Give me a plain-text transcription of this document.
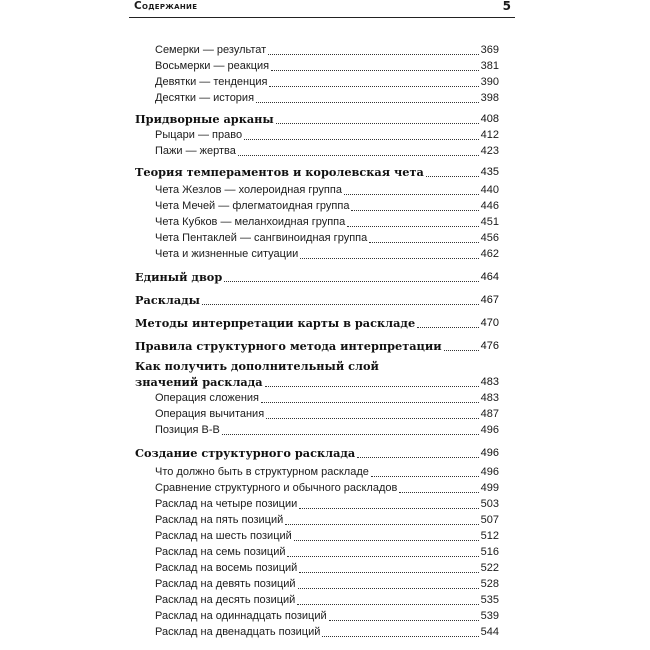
Содержание	5
Семерки — результат	369
Восьмерки — реакция	381
Девятки — тенденция	390
Десятки — история	398
Придворные арканы	408
Рыцари — право	412
Пажи — жертва	423
Теория темпераментов и королевская чета	435
Чета Жезлов — холероидная группа	440
Чета Мечей — флегматоидная группа	446
Чета Кубков — меланхоидная группа	451
Чета Пентаклей — сангвиноидная группа	456
Чета и жизненные ситуации	462
Единый двор	464
Расклады	467
Методы интерпретации карты в раскладе	470
Правила структурного метода интерпретации	476
Как получить дополнительный слой
значений расклада	483
Операция сложения	483
Операция вычитания	487
Позиция В-В	496
Создание структурного расклада	496
Что должно быть в структурном раскладе	496
Сравнение структурного и обычного раскладов	499
Расклад на четыре позиции	503
Расклад на пять позиций	507
Расклад на шесть позиций	512
Расклад на семь позиций	516
Расклад на восемь позиций	522
Расклад на девять позиций	528
Расклад на десять позиций	535
Расклад на одиннадцать позиций	539
Расклад на двенадцать позиций	544
